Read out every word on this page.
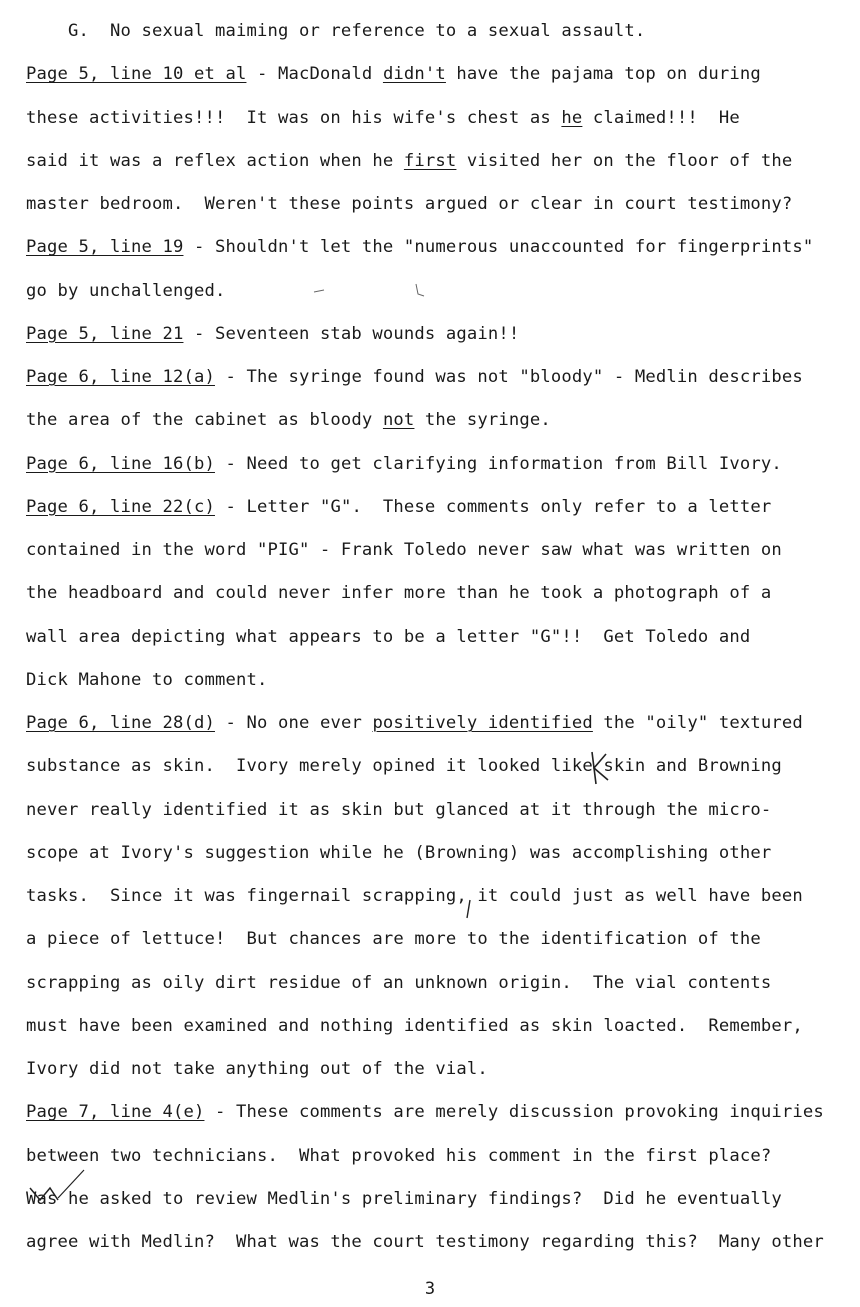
G.  No sexual maiming or reference to a sexual assault.
Page 5, line 10 et al - MacDonald didn't have the pajama top on during
these activities!!!  It was on his wife's chest as he claimed!!!  He
said it was a reflex action when he first visited her on the floor of the
master bedroom.  Weren't these points argued or clear in court testimony?
Page 5, line 19 - Shouldn't let the "numerous unaccounted for fingerprints"
go by unchallenged.
Page 5, line 21 - Seventeen stab wounds again!!
Page 6, line 12(a) - The syringe found was not "bloody" - Medlin describes
the area of the cabinet as bloody not the syringe.
Page 6, line 16(b) - Need to get clarifying information from Bill Ivory.
Page 6, line 22(c) - Letter "G".  These comments only refer to a letter
contained in the word "PIG" - Frank Toledo never saw what was written on
the headboard and could never infer more than he took a photograph of a
wall area depicting what appears to be a letter "G"!!  Get Toledo and
Dick Mahone to comment.
Page 6, line 28(d) - No one ever positively identified the "oily" textured
substance as skin.  Ivory merely opined it looked like skin and Browning
never really identified it as skin but glanced at it through the micro-
scope at Ivory's suggestion while he (Browning) was accomplishing other
tasks.  Since it was fingernail scrapping, it could just as well have been
a piece of lettuce!  But chances are more to the identification of the
scrapping as oily dirt residue of an unknown origin.  The vial contents
must have been examined and nothing identified as skin loacted.  Remember,
Ivory did not take anything out of the vial.
Page 7, line 4(e) - These comments are merely discussion provoking inquiries
between two technicians.  What provoked his comment in the first place?
Was he asked to review Medlin's preliminary findings?  Did he eventually
agree with Medlin?  What was the court testimony regarding this?  Many other
3
